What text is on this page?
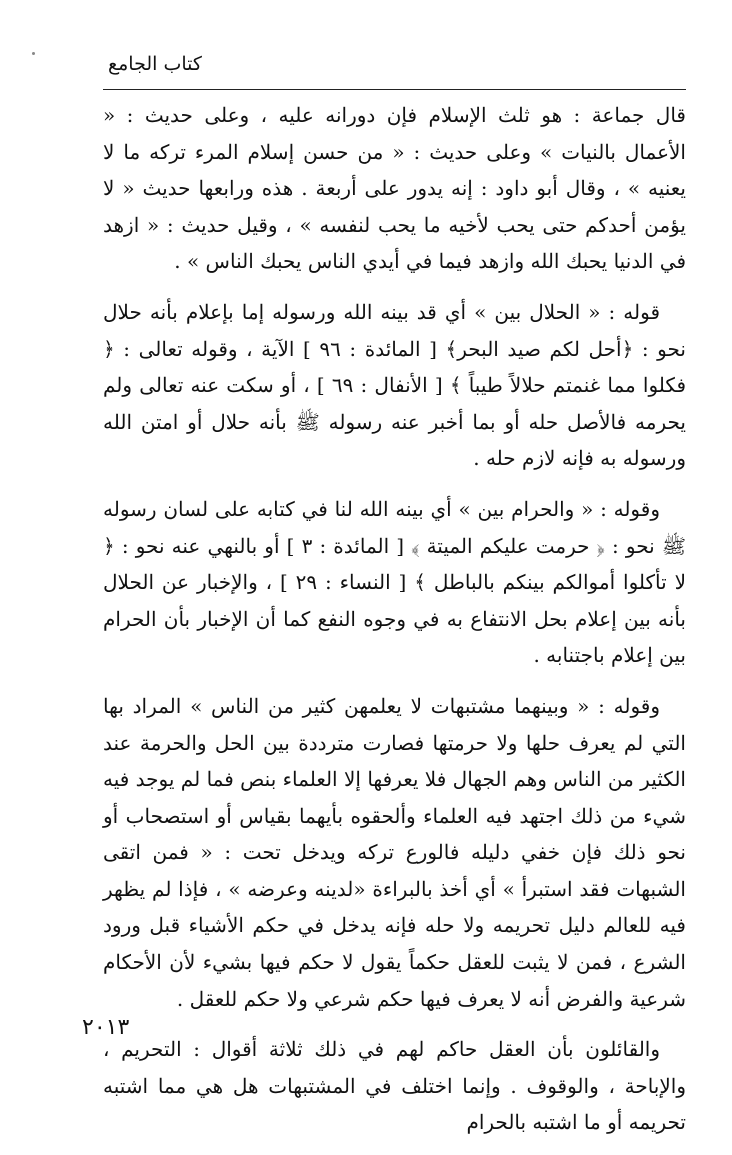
كتاب الجامع

قال جماعة : هو ثلث الإسلام فإن دورانه عليه ، وعلى حديث : « الأعمال بالنيات » وعلى حديث : « من حسن إسلام المرء تركه ما لا يعنيه » ، وقال أبو داود : إنه يدور على أربعة . هذه ورابعها حديث « لا يؤمن أحدكم حتى يحب لأخيه ما يحب لنفسه » ، وقيل حديث : « ازهد في الدنيا يحبك الله وازهد فيما في أيدي الناس يحبك الناس » .

قوله : « الحلال بين » أي قد بينه الله ورسوله إما بإعلام بأنه حلال نحو : ﴿أحل لكم صيد البحر﴾ [ المائدة : ٩٦ ] الآية ، وقوله تعالى : ﴿ فكلوا مما غنمتم حلالاً طيباً ﴾ [ الأنفال : ٦٩ ] ، أو سكت عنه تعالى ولم يحرمه فالأصل حله أو بما أخبر عنه رسوله ﷺ بأنه حلال أو امتن الله ورسوله به فإنه لازم حله .

وقوله : « والحرام بين » أي بينه الله لنا في كتابه على لسان رسوله ﷺ نحو : ﴿ حرمت عليكم الميتة ﴾ [ المائدة : ٣ ] أو بالنهي عنه نحو : ﴿ لا تأكلوا أموالكم بينكم بالباطل ﴾ [ النساء : ٢٩ ] ، والإخبار عن الحلال بأنه بين إعلام بحل الانتفاع به في وجوه النفع كما أن الإخبار بأن الحرام بين إعلام باجتنابه .

وقوله : « وبينهما مشتبهات لا يعلمهن كثير من الناس » المراد بها التي لم يعرف حلها ولا حرمتها فصارت مترددة بين الحل والحرمة عند الكثير من الناس وهم الجهال فلا يعرفها إلا العلماء بنص فما لم يوجد فيه شيء من ذلك اجتهد فيه العلماء وألحقوه بأيهما بقياس أو استصحاب أو نحو ذلك فإن خفي دليله فالورع تركه ويدخل تحت : « فمن اتقى الشبهات فقد استبرأ » أي أخذ بالبراءة «لدينه وعرضه » ، فإذا لم يظهر فيه للعالم دليل تحريمه ولا حله فإنه يدخل في حكم الأشياء قبل ورود الشرع ، فمن لا يثبت للعقل حكماً يقول لا حكم فيها بشيء لأن الأحكام شرعية والفرض أنه لا يعرف فيها حكم شرعي ولا حكم للعقل .

والقائلون بأن العقل حاكم لهم في ذلك ثلاثة أقوال : التحريم ، والإباحة ، والوقوف . وإنما اختلف في المشتبهات هل هي مما اشتبه تحريمه أو ما اشتبه بالحرام

٢٠١٣
